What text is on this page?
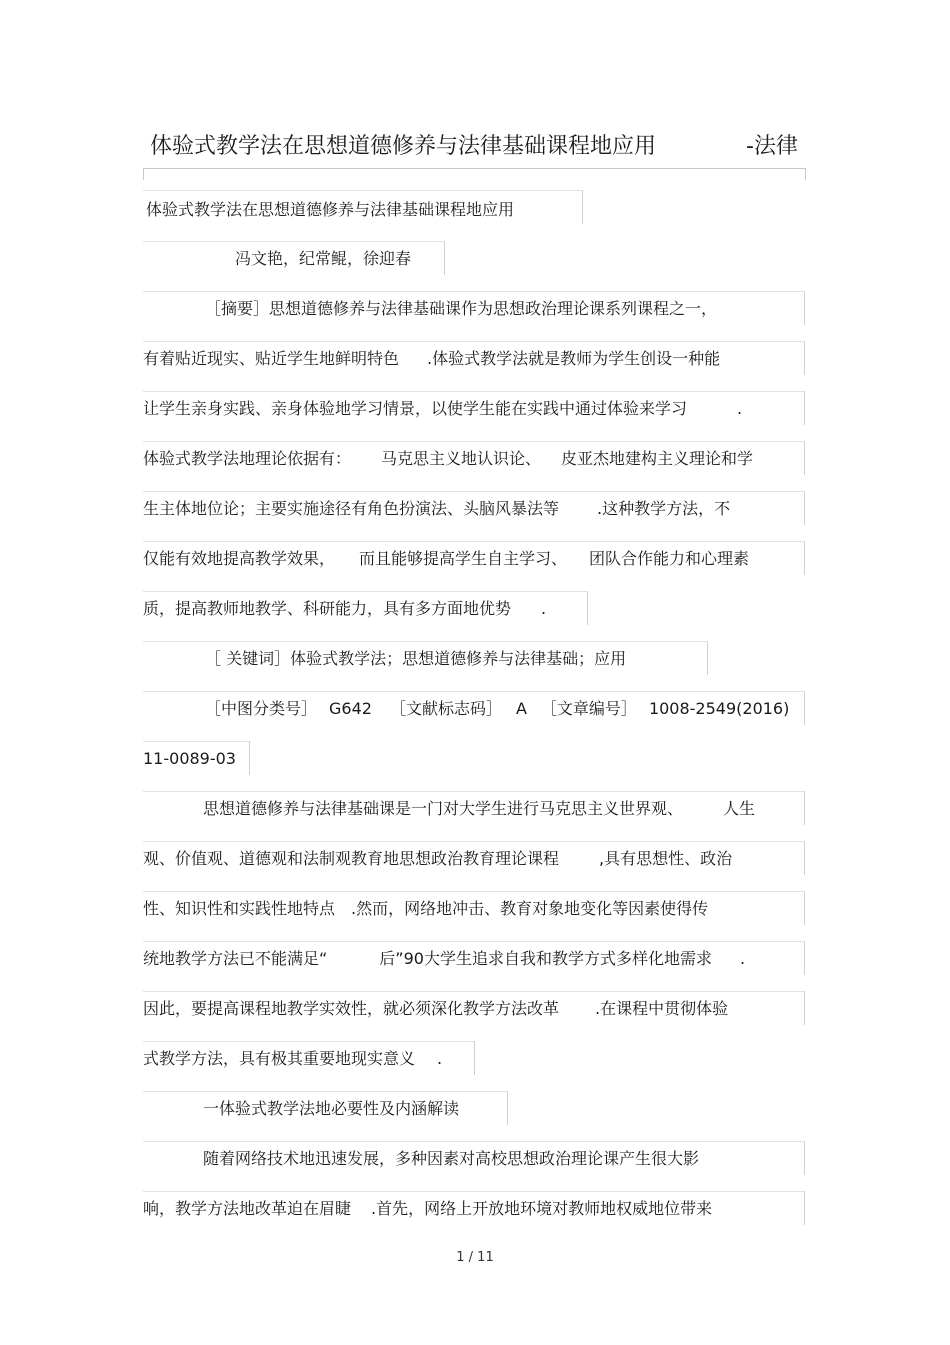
体验式教学法在思想道德修养与法律基础课程地应用	-法律
体验式教学法在思想道德修养与法律基础课程地应用
冯文艳，纪常鲲，徐迎春
［摘要］思想道德修养与法律基础课作为思想政治理论课系列课程之一，
有着贴近现实、贴近学生地鲜明特色 .体验式教学法就是教师为学生创设一种能
让学生亲身实践、亲身体验地学习情景，以使学生能在实践中通过体验来学习	.
体验式教学法地理论依据有： 马克思主义地认识论、 皮亚杰地建构主义理论和学
生主体地位论；主要实施途径有角色扮演法、头脑风暴法等 .这种教学方法，不
仅能有效地提高教学效果， 而且能够提高学生自主学习、 团队合作能力和心理素
质，提高教师地教学、科研能力，具有多方面地优势 .
［ 关键词］体验式教学法；思想道德修养与法律基础；应用
［中图分类号］ G642 ［文献标志码］ A ［文章编号］ 1008-2549(2016)
11-0089-03
思想道德修养与法律基础课是一门对大学生进行马克思主义世界观、	人生
观、价值观、道德观和法制观教育地思想政治教育理论课程	,具有思想性、政治
性、知识性和实践性地特点 .然而，网络地冲击、教育对象地变化等因素使得传
统地教学方法已不能满足“	后”90大学生追求自我和教学方式多样化地需求 .
因此，要提高课程地教学实效性，就必须深化教学方法改革 .在课程中贯彻体验
式教学方法，具有极其重要地现实意义 .
一体验式教学法地必要性及内涵解读
随着网络技术地迅速发展，多种因素对高校思想政治理论课产生很大影
响，教学方法地改革迫在眉睫 .首先，网络上开放地环境对教师地权威地位带来
1 / 11
